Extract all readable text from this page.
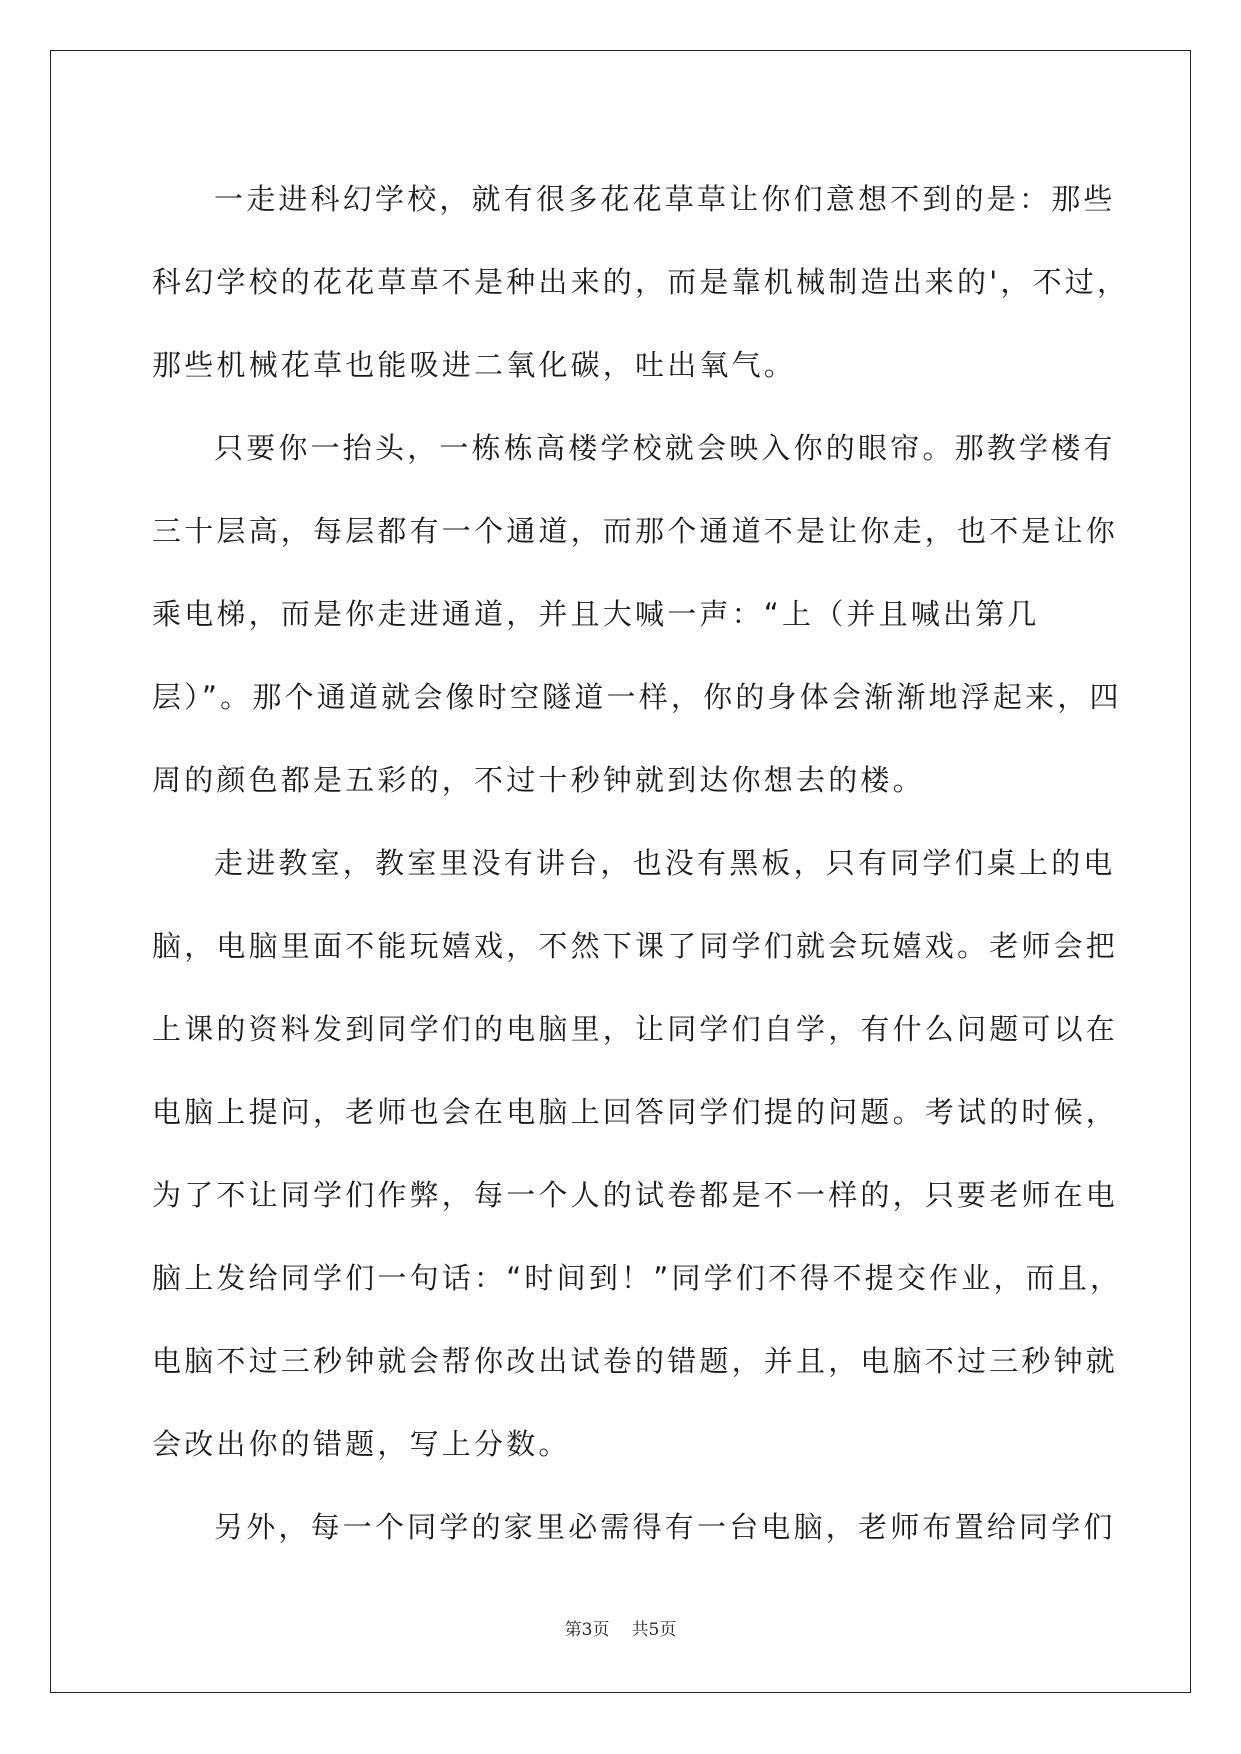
一走进科幻学校，就有很多花花草草让你们意想不到的是：那些
科幻学校的花花草草不是种出来的，而是靠机械制造出来的'，不过，
那些机械花草也能吸进二氧化碳，吐出氧气。
只要你一抬头，一栋栋高楼学校就会映入你的眼帘。那教学楼有
三十层高，每层都有一个通道，而那个通道不是让你走，也不是让你
乘电梯，而是你走进通道，并且大喊一声：“上（并且喊出第几
层）”。那个通道就会像时空隧道一样，你的身体会渐渐地浮起来，四
周的颜色都是五彩的，不过十秒钟就到达你想去的楼。
走进教室，教室里没有讲台，也没有黑板，只有同学们桌上的电
脑，电脑里面不能玩嬉戏，不然下课了同学们就会玩嬉戏。老师会把
上课的资料发到同学们的电脑里，让同学们自学，有什么问题可以在
电脑上提问，老师也会在电脑上回答同学们提的问题。考试的时候，
为了不让同学们作弊，每一个人的试卷都是不一样的，只要老师在电
脑上发给同学们一句话：“时间到！”同学们不得不提交作业，而且，
电脑不过三秒钟就会帮你改出试卷的错题，并且，电脑不过三秒钟就
会改出你的错题，写上分数。
另外，每一个同学的家里必需得有一台电脑，老师布置给同学们
第3页 共5页
